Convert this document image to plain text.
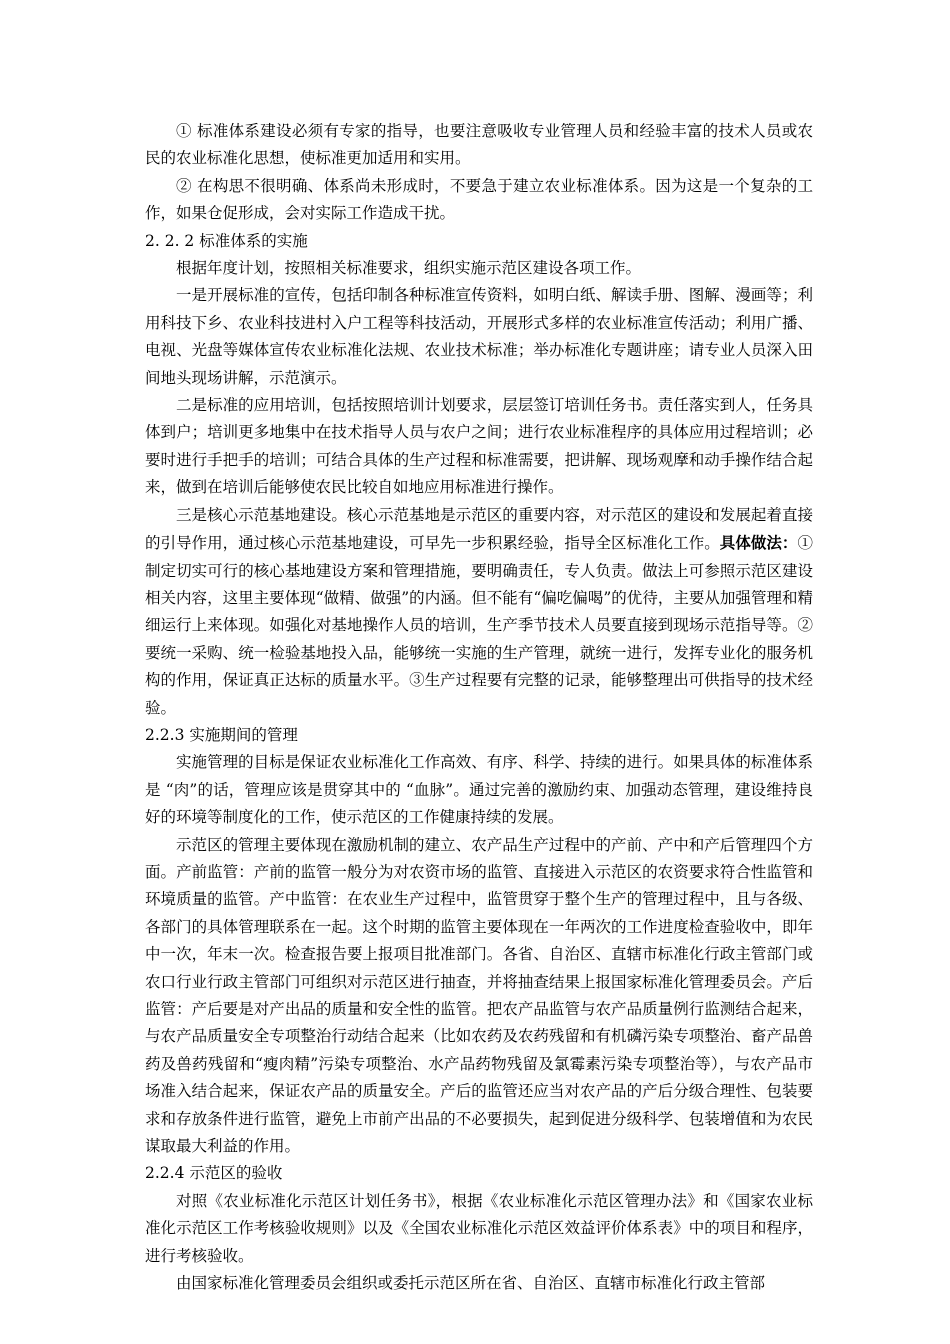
① 标准体系建设必须有专家的指导，也要注意吸收专业管理人员和经验丰富的技术人员或农民的农业标准化思想，使标准更加适用和实用。

② 在构思不很明确、体系尚未形成时，不要急于建立农业标准体系。因为这是一个复杂的工作，如果仓促形成，会对实际工作造成干扰。

2. 2. 2 标准体系的实施

根据年度计划，按照相关标准要求，组织实施示范区建设各项工作。

一是开展标准的宣传，包括印制各种标准宣传资料，如明白纸、解读手册、图解、漫画等；利用科技下乡、农业科技进村入户工程等科技活动，开展形式多样的农业标准宣传活动；利用广播、电视、光盘等媒体宣传农业标准化法规、农业技术标准；举办标准化专题讲座；请专业人员深入田间地头现场讲解，示范演示。

二是标准的应用培训，包括按照培训计划要求，层层签订培训任务书。责任落实到人，任务具体到户；培训更多地集中在技术指导人员与农户之间；进行农业标准程序的具体应用过程培训；必要时进行手把手的培训；可结合具体的生产过程和标准需要，把讲解、现场观摩和动手操作结合起来，做到在培训后能够使农民比较自如地应用标准进行操作。

三是核心示范基地建设。核心示范基地是示范区的重要内容，对示范区的建设和发展起着直接的引导作用，通过核心示范基地建设，可早先一步积累经验，指导全区标准化工作。具体做法：①制定切实可行的核心基地建设方案和管理措施，要明确责任，专人负责。做法上可参照示范区建设相关内容，这里主要体现“做精、做强”的内涵。但不能有“偏吃偏喝”的优待，主要从加强管理和精细运行上来体现。如强化对基地操作人员的培训，生产季节技术人员要直接到现场示范指导等。②要统一采购、统一检验基地投入品，能够统一实施的生产管理，就统一进行，发挥专业化的服务机构的作用，保证真正达标的质量水平。③生产过程要有完整的记录，能够整理出可供指导的技术经验。

2.2.3 实施期间的管理

实施管理的目标是保证农业标准化工作高效、有序、科学、持续的进行。如果具体的标准体系是 “肉”的话，管理应该是贯穿其中的 “血脉”。通过完善的激励约束、加强动态管理，建设维持良好的环境等制度化的工作，使示范区的工作健康持续的发展。

示范区的管理主要体现在激励机制的建立、农产品生产过程中的产前、产中和产后管理四个方面。产前监管：产前的监管一般分为对农资市场的监管、直接进入示范区的农资要求符合性监管和环境质量的监管。产中监管：在农业生产过程中，监管贯穿于整个生产的管理过程中，且与各级、各部门的具体管理联系在一起。这个时期的监管主要体现在一年两次的工作进度检查验收中，即年中一次，年末一次。检查报告要上报项目批准部门。各省、自治区、直辖市标准化行政主管部门或农口行业行政主管部门可组织对示范区进行抽查，并将抽查结果上报国家标准化管理委员会。产后监管：产后要是对产出品的质量和安全性的监管。把农产品监管与农产品质量例行监测结合起来，与农产品质量安全专项整治行动结合起来（比如农药及农药残留和有机磷污染专项整治、畜产品兽药及兽药残留和“瘦肉精”污染专项整治、水产品药物残留及氯霉素污染专项整治等），与农产品市场准入结合起来，保证农产品的质量安全。产后的监管还应当对农产品的产后分级合理性、包装要求和存放条件进行监管，避免上市前产出品的不必要损失，起到促进分级科学、包装增值和为农民谋取最大利益的作用。

2.2.4 示范区的验收

对照《农业标准化示范区计划任务书》，根据《农业标准化示范区管理办法》和《国家农业标准化示范区工作考核验收规则》以及《全国农业标准化示范区效益评价体系表》中的项目和程序，进行考核验收。

由国家标准化管理委员会组织或委托示范区所在省、自治区、直辖市标准化行政主管部
